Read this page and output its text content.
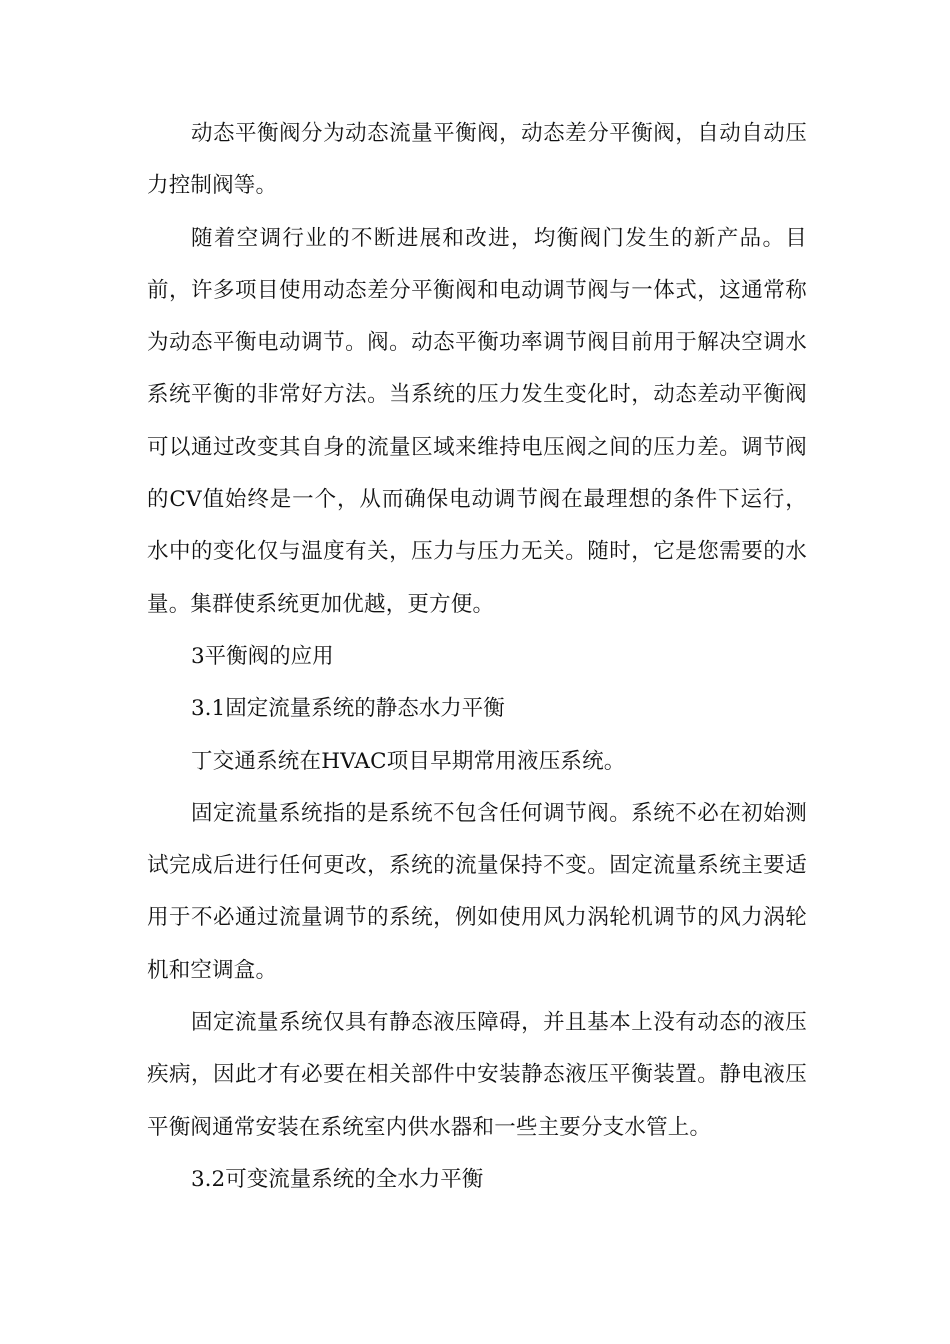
动态平衡阀分为动态流量平衡阀，动态差分平衡阀，自动自动压力控制阀等。

随着空调行业的不断进展和改进，均衡阀门发生的新产品。目前，许多项目使用动态差分平衡阀和电动调节阀与一体式，这通常称为动态平衡电动调节。阀。动态平衡功率调节阀目前用于解决空调水系统平衡的非常好方法。当系统的压力发生变化时，动态差动平衡阀可以通过改变其自身的流量区域来维持电压阀之间的压力差。调节阀的CV值始终是一个，从而确保电动调节阀在最理想的条件下运行，水中的变化仅与温度有关，压力与压力无关。随时，它是您需要的水量。集群使系统更加优越，更方便。

3平衡阀的应用

3.1固定流量系统的静态水力平衡

丁交通系统在HVAC项目早期常用液压系统。

固定流量系统指的是系统不包含任何调节阀。系统不必在初始测试完成后进行任何更改，系统的流量保持不变。固定流量系统主要适用于不必通过流量调节的系统，例如使用风力涡轮机调节的风力涡轮机和空调盒。

固定流量系统仅具有静态液压障碍，并且基本上没有动态的液压疾病，因此才有必要在相关部件中安装静态液压平衡装置。静电液压平衡阀通常安装在系统室内供水器和一些主要分支水管上。

3.2可变流量系统的全水力平衡
